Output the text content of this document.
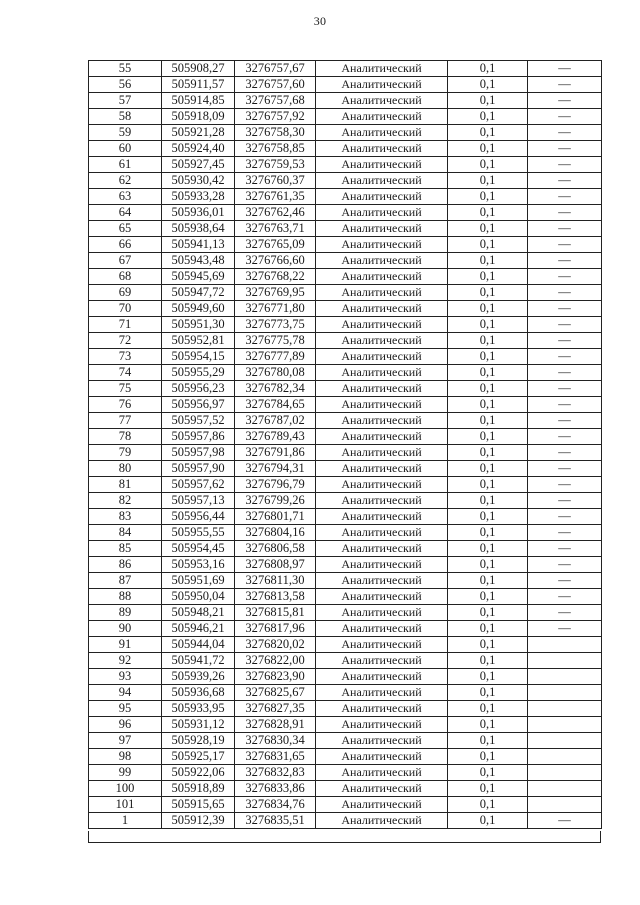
30
55	505908,27	3276757,67	Аналитический	0,1	—
56	505911,57	3276757,60	Аналитический	0,1	—
57	505914,85	3276757,68	Аналитический	0,1	—
58	505918,09	3276757,92	Аналитический	0,1	—
59	505921,28	3276758,30	Аналитический	0,1	—
60	505924,40	3276758,85	Аналитический	0,1	—
61	505927,45	3276759,53	Аналитический	0,1	—
62	505930,42	3276760,37	Аналитический	0,1	—
63	505933,28	3276761,35	Аналитический	0,1	—
64	505936,01	3276762,46	Аналитический	0,1	—
65	505938,64	3276763,71	Аналитический	0,1	—
66	505941,13	3276765,09	Аналитический	0,1	—
67	505943,48	3276766,60	Аналитический	0,1	—
68	505945,69	3276768,22	Аналитический	0,1	—
69	505947,72	3276769,95	Аналитический	0,1	—
70	505949,60	3276771,80	Аналитический	0,1	—
71	505951,30	3276773,75	Аналитический	0,1	—
72	505952,81	3276775,78	Аналитический	0,1	—
73	505954,15	3276777,89	Аналитический	0,1	—
74	505955,29	3276780,08	Аналитический	0,1	—
75	505956,23	3276782,34	Аналитический	0,1	—
76	505956,97	3276784,65	Аналитический	0,1	—
77	505957,52	3276787,02	Аналитический	0,1	—
78	505957,86	3276789,43	Аналитический	0,1	—
79	505957,98	3276791,86	Аналитический	0,1	—
80	505957,90	3276794,31	Аналитический	0,1	—
81	505957,62	3276796,79	Аналитический	0,1	—
82	505957,13	3276799,26	Аналитический	0,1	—
83	505956,44	3276801,71	Аналитический	0,1	—
84	505955,55	3276804,16	Аналитический	0,1	—
85	505954,45	3276806,58	Аналитический	0,1	—
86	505953,16	3276808,97	Аналитический	0,1	—
87	505951,69	3276811,30	Аналитический	0,1	—
88	505950,04	3276813,58	Аналитический	0,1	—
89	505948,21	3276815,81	Аналитический	0,1	—
90	505946,21	3276817,96	Аналитический	0,1	—
91	505944,04	3276820,02	Аналитический	0,1	
92	505941,72	3276822,00	Аналитический	0,1	
93	505939,26	3276823,90	Аналитический	0,1	
94	505936,68	3276825,67	Аналитический	0,1	
95	505933,95	3276827,35	Аналитический	0,1	
96	505931,12	3276828,91	Аналитический	0,1	
97	505928,19	3276830,34	Аналитический	0,1	
98	505925,17	3276831,65	Аналитический	0,1	
99	505922,06	3276832,83	Аналитический	0,1	
100	505918,89	3276833,86	Аналитический	0,1	
101	505915,65	3276834,76	Аналитический	0,1	
1	505912,39	3276835,51	Аналитический	0,1	—
